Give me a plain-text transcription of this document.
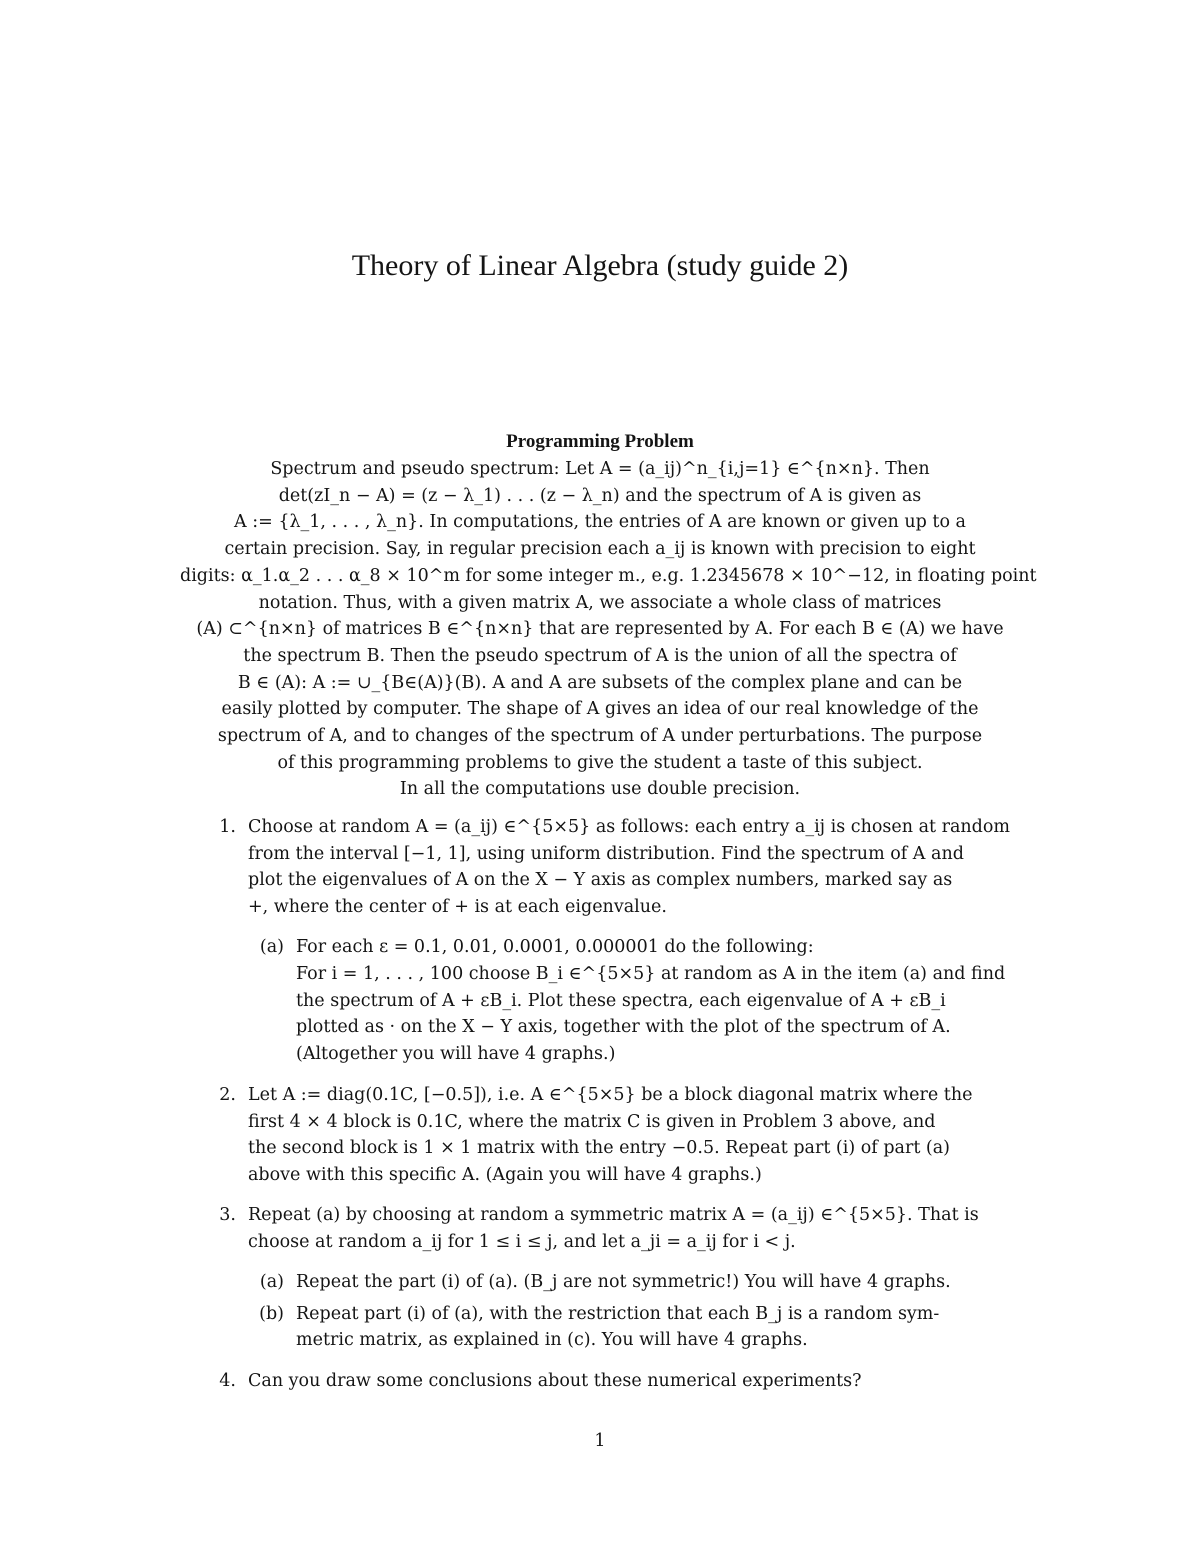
Theory of Linear Algebra (study guide 2)
Programming Problem
Spectrum and pseudo spectrum: Let A = (a_ij)^n_{i,j=1} ∈^{n×n}. Then
det(zI_n − A) = (z − λ_1) . . . (z − λ_n) and the spectrum of A is given as
A := {λ_1, . . . , λ_n}. In computations, the entries of A are known or given up to a
certain precision. Say, in regular precision each a_ij is known with precision to eight
digits: α_1.α_2 . . . α_8 × 10^m for some integer m., e.g. 1.2345678 × 10^−12, in floating point
notation. Thus, with a given matrix A, we associate a whole class of matrices
(A) ⊂^{n×n} of matrices B ∈^{n×n} that are represented by A. For each B ∈ (A) we have
the spectrum B. Then the pseudo spectrum of A is the union of all the spectra of
B ∈ (A): A := ∪_{B∈(A)}(B). A and A are subsets of the complex plane and can be
easily plotted by computer. The shape of A gives an idea of our real knowledge of the
spectrum of A, and to changes of the spectrum of A under perturbations. The purpose
of this programming problems to give the student a taste of this subject.
In all the computations use double precision.
1. Choose at random A = (a_ij) ∈^{5×5} as follows: each entry a_ij is chosen at random
from the interval [−1, 1], using uniform distribution. Find the spectrum of A and
plot the eigenvalues of A on the X − Y axis as complex numbers, marked say as
+, where the center of + is at each eigenvalue.
(a) For each ε = 0.1, 0.01, 0.0001, 0.000001 do the following:
For i = 1, . . . , 100 choose B_i ∈^{5×5} at random as A in the item (a) and find
the spectrum of A + εB_i. Plot these spectra, each eigenvalue of A + εB_i
plotted as · on the X − Y axis, together with the plot of the spectrum of A.
(Altogether you will have 4 graphs.)
2. Let A := diag(0.1C, [−0.5]), i.e. A ∈^{5×5} be a block diagonal matrix where the
first 4 × 4 block is 0.1C, where the matrix C is given in Problem 3 above, and
the second block is 1 × 1 matrix with the entry −0.5. Repeat part (i) of part (a)
above with this specific A. (Again you will have 4 graphs.)
3. Repeat (a) by choosing at random a symmetric matrix A = (a_ij) ∈^{5×5}. That is
choose at random a_ij for 1 ≤ i ≤ j, and let a_ji = a_ij for i < j.
(a) Repeat the part (i) of (a). (B_j are not symmetric!) You will have 4 graphs.
(b) Repeat part (i) of (a), with the restriction that each B_j is a random sym-
metric matrix, as explained in (c). You will have 4 graphs.
4. Can you draw some conclusions about these numerical experiments?
1
